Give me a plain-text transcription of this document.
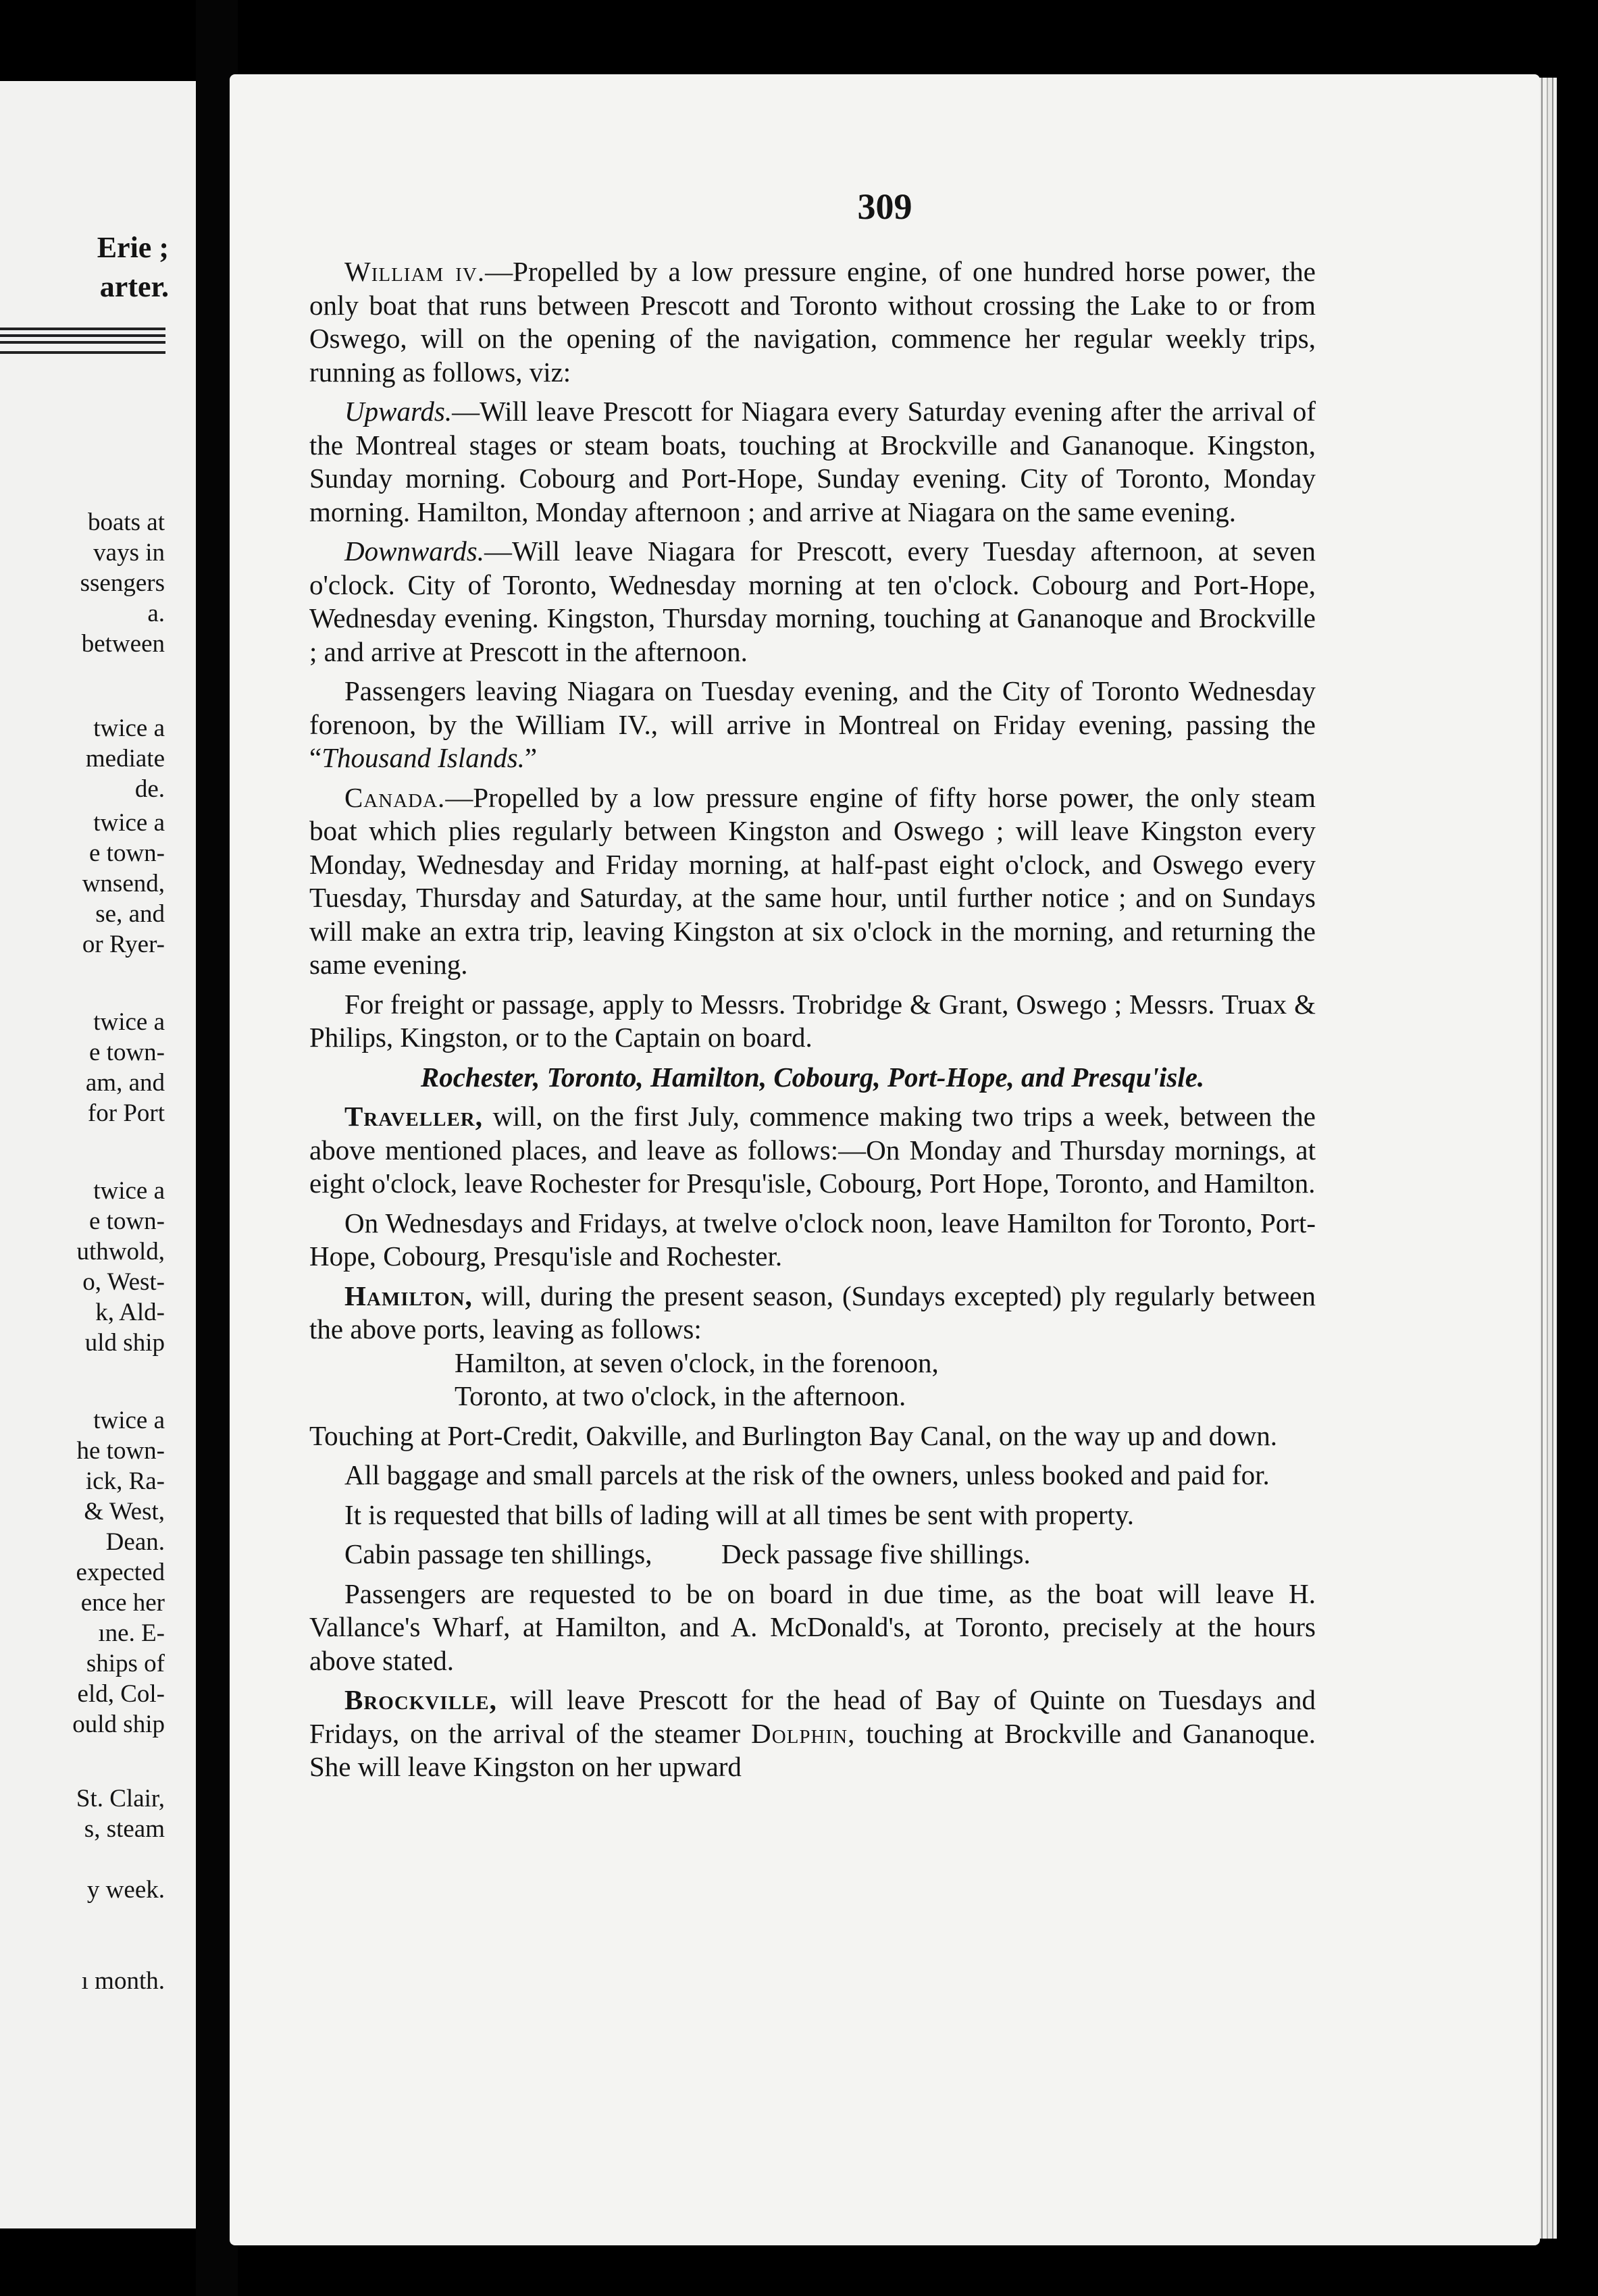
Erie ;
arter.
boats at
vays in
ssengers
a.
between
twice a
mediate
de.
twice a
e town-
wnsend,
se, and
or Ryer-
twice a
e town-
am, and
for Port
twice a
e town-
uthwold,
o, West-
k, Ald-
uld ship
twice a
he town-
ick, Ra-
& West,
Dean.
expected
ence her
ıne. E-
ships of
eld, Col-
ould ship
St. Clair,
s, steam
y week.
ı month.
309

William iv.—Propelled by a low pressure engine, of one hundred horse power, the only boat that runs between Prescott and Toronto without crossing the Lake to or from Oswego, will on the opening of the navigation, commence her regular weekly trips, running as follows, viz:

Upwards.—Will leave Prescott for Niagara every Saturday evening after the arrival of the Montreal stages or steam boats, touching at Brockville and Gananoque. Kingston, Sunday morning. Cobourg and Port-Hope, Sunday evening. City of Toronto, Monday morning. Hamilton, Monday afternoon ; and arrive at Niagara on the same evening.

Downwards.—Will leave Niagara for Prescott, every Tuesday afternoon, at seven o'clock. City of Toronto, Wednesday morning at ten o'clock. Cobourg and Port-Hope, Wednesday evening. Kingston, Thursday morning, touching at Gananoque and Brockville ; and arrive at Prescott in the afternoon.

Passengers leaving Niagara on Tuesday evening, and the City of Toronto Wednesday forenoon, by the William IV., will arrive in Montreal on Friday evening, passing the “Thousand Islands.”

Canada.—Propelled by a low pressure engine of fifty horse power, the only steam boat which plies regularly between Kingston and Oswego ; will leave Kingston every Monday, Wednesday and Friday morning, at half-past eight o'clock, and Oswego every Tuesday, Thursday and Saturday, at the same hour, until further notice ; and on Sundays will make an extra trip, leaving Kingston at six o'clock in the morning, and returning the same evening.

For freight or passage, apply to Messrs. Trobridge & Grant, Oswego ; Messrs. Truax & Philips, Kingston, or to the Captain on board.

Rochester, Toronto, Hamilton, Cobourg, Port-Hope, and Presqu'isle.

Traveller, will, on the first July, commence making two trips a week, between the above mentioned places, and leave as follows:—On Monday and Thursday mornings, at eight o'clock, leave Rochester for Presqu'isle, Cobourg, Port Hope, Toronto, and Hamilton.

On Wednesdays and Fridays, at twelve o'clock noon, leave Hamilton for Toronto, Port-Hope, Cobourg, Presqu'isle and Rochester.

Hamilton, will, during the present season, (Sundays excepted) ply regularly between the above ports, leaving as follows:

Hamilton, at seven o'clock, in the forenoon,

Toronto, at two o'clock, in the afternoon.

Touching at Port-Credit, Oakville, and Burlington Bay Canal, on the way up and down.

All baggage and small parcels at the risk of the owners, unless booked and paid for.

It is requested that bills of lading will at all times be sent with property.

Cabin passage ten shillings,          Deck passage five shillings.

Passengers are requested to be on board in due time, as the boat will leave H. Vallance's Wharf, at Hamilton, and A. McDonald's, at Toronto, precisely at the hours above stated.

Brockville, will leave Prescott for the head of Bay of Quinte on Tuesdays and Fridays, on the arrival of the steamer Dolphin, touching at Brockville and Gananoque. She will leave Kingston on her upward
